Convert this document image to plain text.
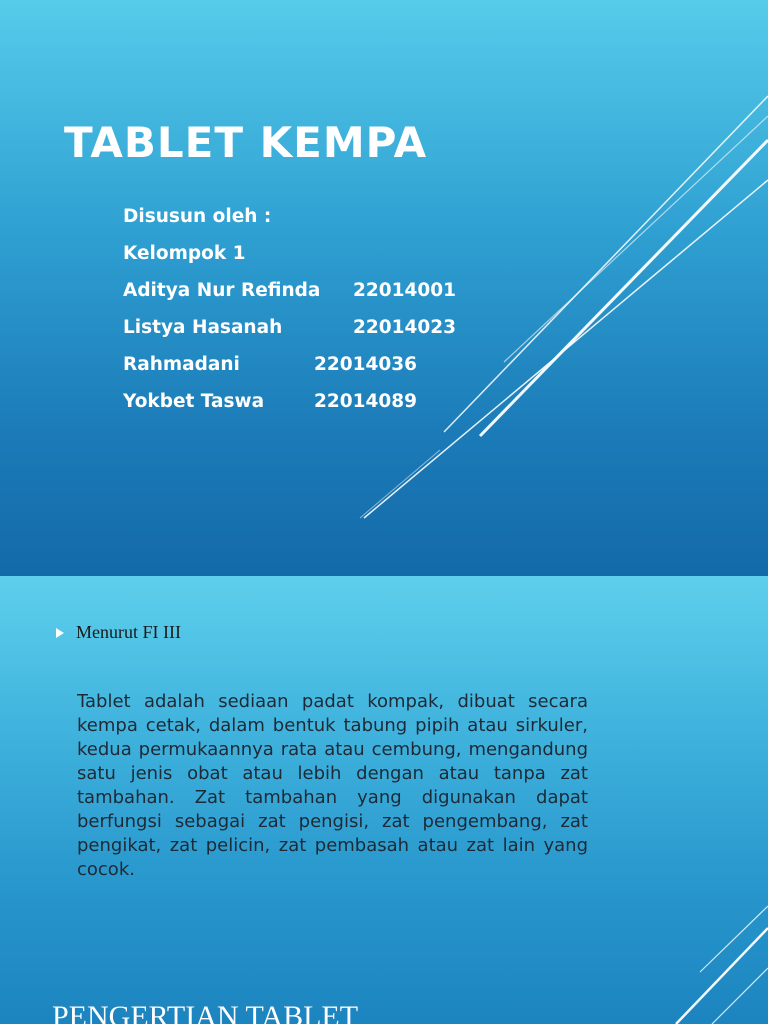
TABLET KEMPA
Disusun oleh :
Kelompok 1
Aditya Nur Refinda 22014001
Listya Hasanah	22014023
Rahmadani	22014036
Yokbet Taswa	22014089
Menurut FI III

Tablet adalah sediaan padat kompak, dibuat secara kempa cetak, dalam bentuk tabung pipih atau sirkuler, kedua permukaannya rata atau cembung, mengandung satu jenis obat atau lebih dengan atau tanpa zat tambahan. Zat tambahan yang digunakan dapat berfungsi sebagai zat pengisi, zat pengembang, zat pengikat, zat pelicin, zat pembasah atau zat lain yang cocok.

PENGERTIAN TABLET
